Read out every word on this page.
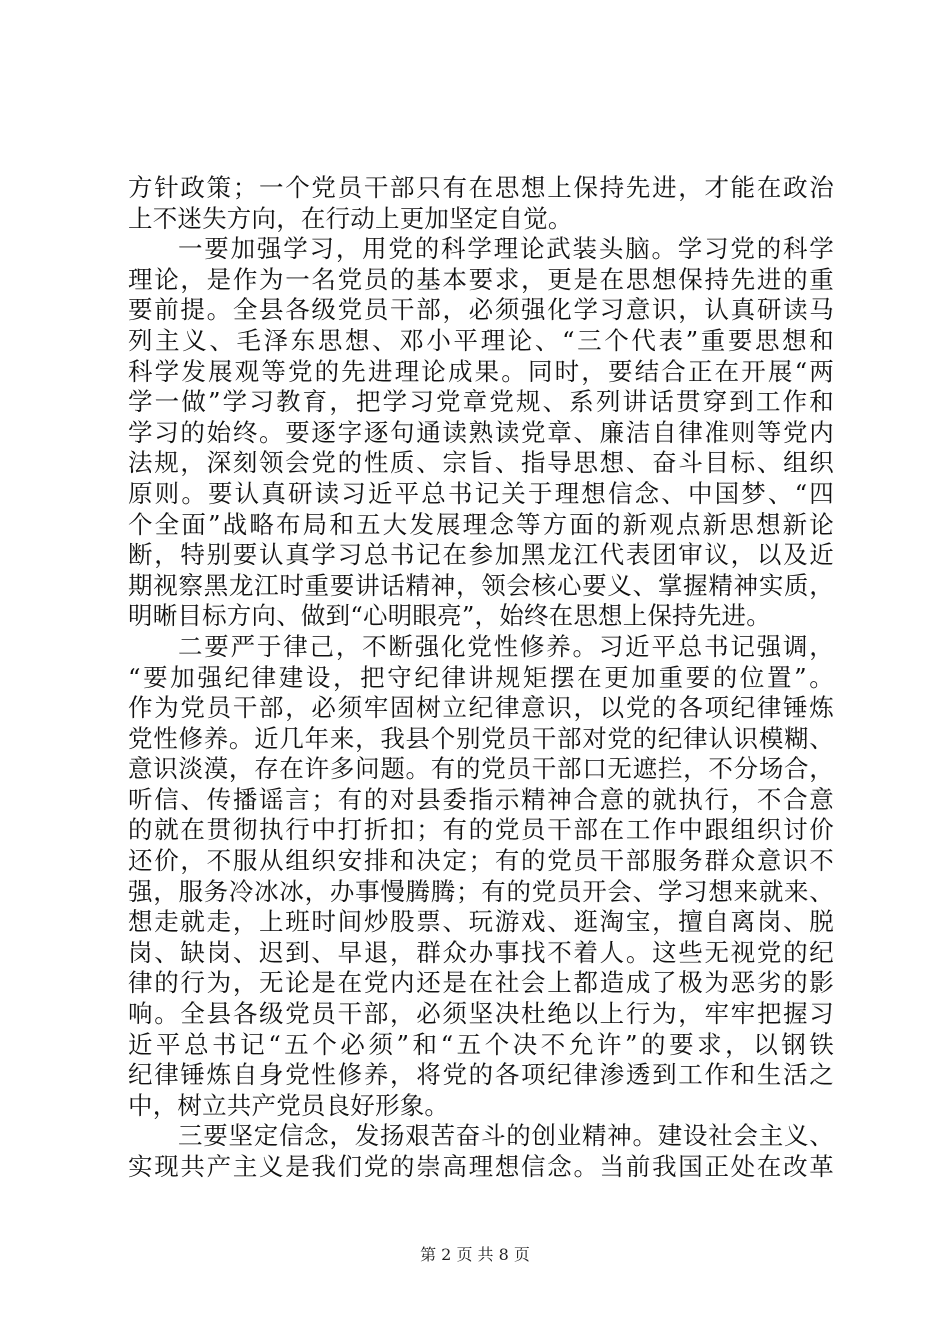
方针政策；一个党员干部只有在思想上保持先进，才能在政治
上不迷失方向，在行动上更加坚定自觉。
一要加强学习，用党的科学理论武装头脑。学习党的科学
理论，是作为一名党员的基本要求，更是在思想保持先进的重
要前提。全县各级党员干部，必须强化学习意识，认真研读马
列主义、毛泽东思想、邓小平理论、“三个代表”重要思想和
科学发展观等党的先进理论成果。同时，要结合正在开展“两
学一做”学习教育，把学习党章党规、系列讲话贯穿到工作和
学习的始终。要逐字逐句通读熟读党章、廉洁自律准则等党内
法规，深刻领会党的性质、宗旨、指导思想、奋斗目标、组织
原则。要认真研读习近平总书记关于理想信念、中国梦、“四
个全面”战略布局和五大发展理念等方面的新观点新思想新论
断，特别要认真学习总书记在参加黑龙江代表团审议，以及近
期视察黑龙江时重要讲话精神，领会核心要义、掌握精神实质，
明晰目标方向、做到“心明眼亮”，始终在思想上保持先进。
二要严于律己，不断强化党性修养。习近平总书记强调，
“要加强纪律建设，把守纪律讲规矩摆在更加重要的位置”。
作为党员干部，必须牢固树立纪律意识，以党的各项纪律锤炼
党性修养。近几年来，我县个别党员干部对党的纪律认识模糊、
意识淡漠，存在许多问题。有的党员干部口无遮拦，不分场合，
听信、传播谣言；有的对县委指示精神合意的就执行，不合意
的就在贯彻执行中打折扣；有的党员干部在工作中跟组织讨价
还价，不服从组织安排和决定；有的党员干部服务群众意识不
强，服务冷冰冰，办事慢腾腾；有的党员开会、学习想来就来、
想走就走，上班时间炒股票、玩游戏、逛淘宝，擅自离岗、脱
岗、缺岗、迟到、早退，群众办事找不着人。这些无视党的纪
律的行为，无论是在党内还是在社会上都造成了极为恶劣的影
响。全县各级党员干部，必须坚决杜绝以上行为，牢牢把握习
近平总书记“五个必须”和“五个决不允许”的要求，以钢铁
纪律锤炼自身党性修养，将党的各项纪律渗透到工作和生活之
中，树立共产党员良好形象。
三要坚定信念，发扬艰苦奋斗的创业精神。建设社会主义、
实现共产主义是我们党的崇高理想信念。当前我国正处在改革
第 2 页 共 8 页
